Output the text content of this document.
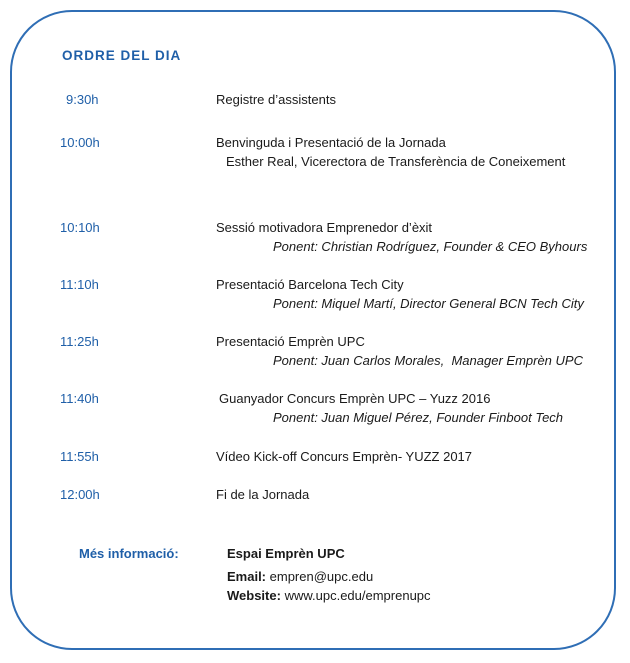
ORDRE DEL DIA
9:30h	Registre d’assistents
10:00h	Benvinguda i Presentació de la Jornada
Esther Real, Vicerectora de Transferència de Coneixement
10:10h	Sessió motivadora Emprenedor d’èxit
Ponent: Christian Rodríguez, Founder & CEO Byhours
11:10h	Presentació Barcelona Tech City
Ponent: Miquel Martí, Director General BCN Tech City
11:25h	Presentació Emprèn UPC
Ponent: Juan Carlos Morales,  Manager Emprèn UPC
11:40h	Guanyador Concurs Emprèn UPC – Yuzz 2016
Ponent: Juan Miguel Pérez, Founder Finboot Tech
11:55h	Vídeo Kick-off Concurs Emprèn- YUZZ 2017
12:00h	Fi de la Jornada
Més informació:	Espai Emprèn UPC
Email: empren@upc.edu
Website: www.upc.edu/emprenupc
